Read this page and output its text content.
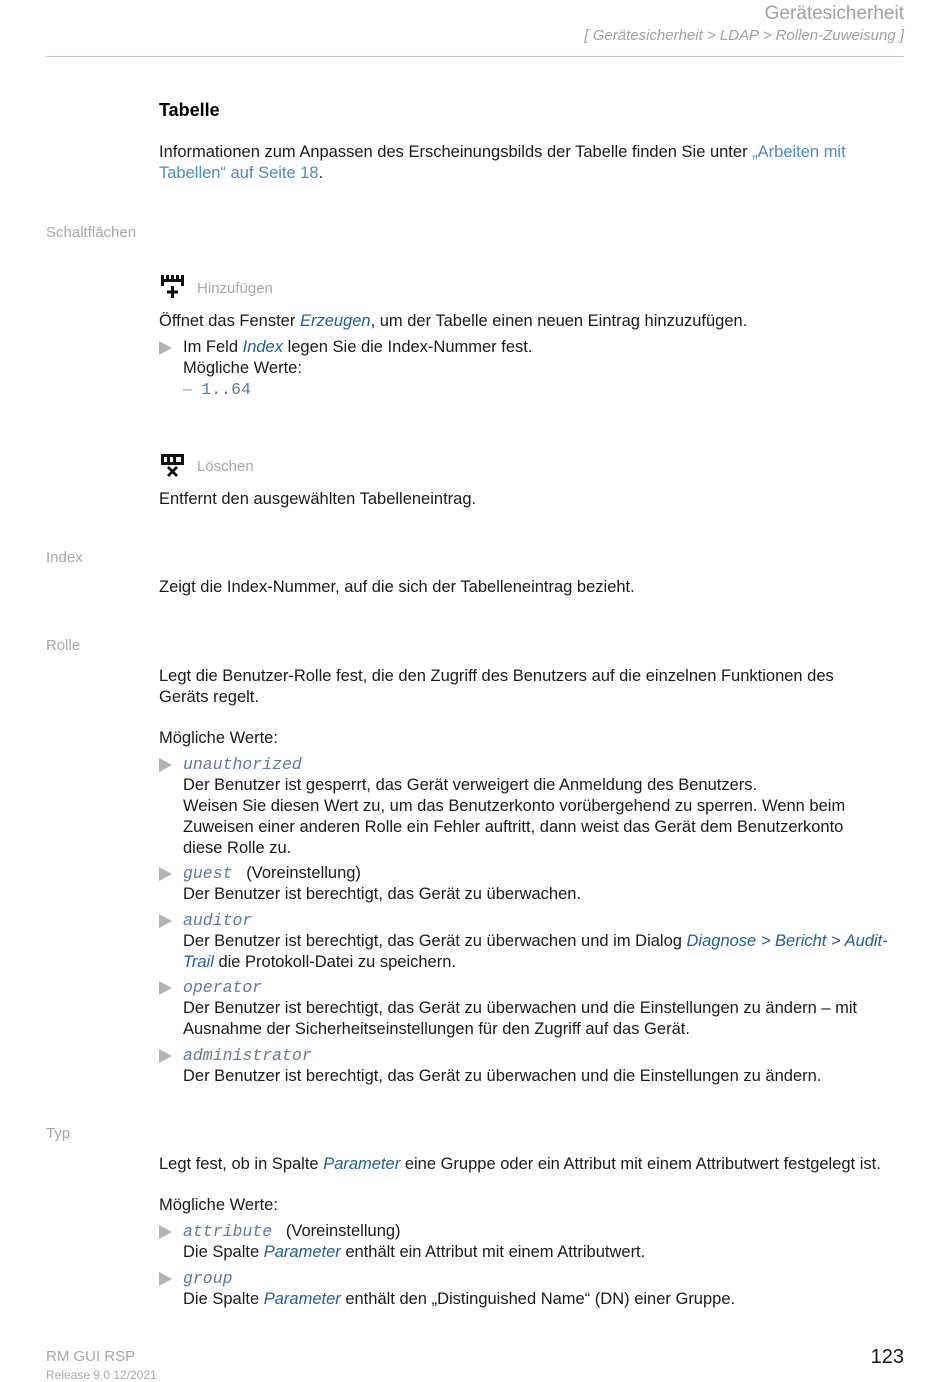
Gerätesicherheit
[ Gerätesicherheit > LDAP > Rollen-Zuweisung ]
Tabelle
Informationen zum Anpassen des Erscheinungsbilds der Tabelle finden Sie unter „Arbeiten mit
Tabellen“ auf Seite 18.
Schaltflächen
Hinzufügen
Öffnet das Fenster Erzeugen, um der Tabelle einen neuen Eintrag hinzuzufügen.
Im Feld Index legen Sie die Index-Nummer fest.
Mögliche Werte:
– 1..64
Löschen
Entfernt den ausgewählten Tabelleneintrag.
Index
Zeigt die Index-Nummer, auf die sich der Tabelleneintrag bezieht.
Rolle
Legt die Benutzer-Rolle fest, die den Zugriff des Benutzers auf die einzelnen Funktionen des
Geräts regelt.
Mögliche Werte:
unauthorized
Der Benutzer ist gesperrt, das Gerät verweigert die Anmeldung des Benutzers.
Weisen Sie diesen Wert zu, um das Benutzerkonto vorübergehend zu sperren. Wenn beim
Zuweisen einer anderen Rolle ein Fehler auftritt, dann weist das Gerät dem Benutzerkonto
diese Rolle zu.
guest (Voreinstellung)
Der Benutzer ist berechtigt, das Gerät zu überwachen.
auditor
Der Benutzer ist berechtigt, das Gerät zu überwachen und im Dialog Diagnose > Bericht > Audit-
Trail die Protokoll-Datei zu speichern.
operator
Der Benutzer ist berechtigt, das Gerät zu überwachen und die Einstellungen zu ändern – mit
Ausnahme der Sicherheitseinstellungen für den Zugriff auf das Gerät.
administrator
Der Benutzer ist berechtigt, das Gerät zu überwachen und die Einstellungen zu ändern.
Typ
Legt fest, ob in Spalte Parameter eine Gruppe oder ein Attribut mit einem Attributwert festgelegt ist.
Mögliche Werte:
attribute (Voreinstellung)
Die Spalte Parameter enthält ein Attribut mit einem Attributwert.
group
Die Spalte Parameter enthält den „Distinguished Name“ (DN) einer Gruppe.
RM GUI RSP
Release 9.0 12/2021
123
